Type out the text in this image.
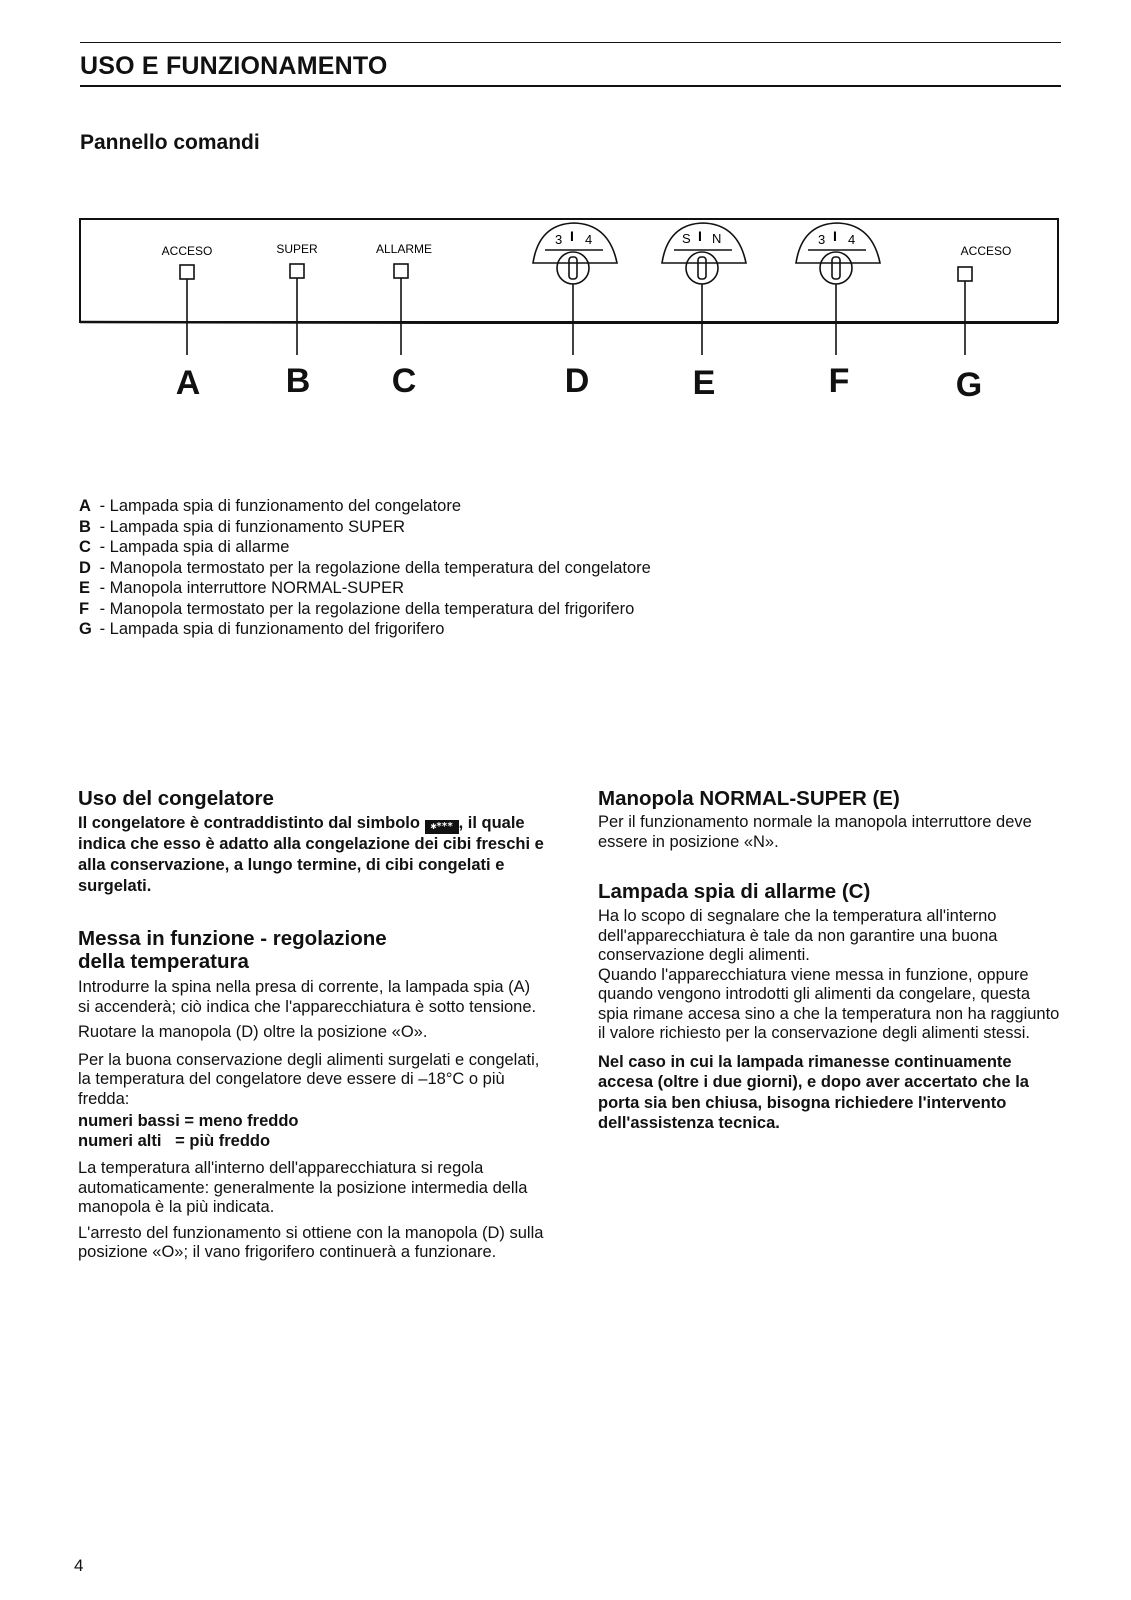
USO E FUNZIONAMENTO
Pannello comandi
ACCESO	SUPER	ALLARME	ACCESO
3 I 4	S I N	3 I 4
A	B C	D	E	F	G
A - Lampada spia di funzionamento del congelatore
B - Lampada spia di funzionamento SUPER
C - Lampada spia di allarme
D - Manopola termostato per la regolazione della temperatura del congelatore
E - Manopola interruttore NORMAL-SUPER
F - Manopola termostato per la regolazione della temperatura del frigorifero
G - Lampada spia di funzionamento del frigorifero
Uso del congelatore

Il congelatore è contraddistinto dal simbolo ✱*** , il quale indica che esso è adatto alla congelazione dei cibi freschi e alla conservazione, a lungo termine, di cibi congelati e surgelati.

Messa in funzione - regolazione
della temperatura

Introdurre la spina nella presa di corrente, la lampada spia (A) si accenderà; ciò indica che l'apparecchiatura è sotto tensione.

Ruotare la manopola (D) oltre la posizione «O».

Per la buona conservazione degli alimenti surgelati e congelati, la temperatura del congelatore deve essere di –18°C o più fredda:

numeri bassi = meno freddo

numeri alti   = più freddo

La temperatura all'interno dell'apparecchiatura si regola automaticamente: generalmente la posizione intermedia della manopola è la più indicata.

L'arresto del funzionamento si ottiene con la manopola (D) sulla posizione «O»; il vano frigorifero continuerà a funzionare.

Manopola NORMAL-SUPER (E)

Per il funzionamento normale la manopola interruttore deve essere in posizione «N».

Lampada spia di allarme (C)

Ha lo scopo di segnalare che la temperatura all'interno dell'apparecchiatura è tale da non garantire una buona conservazione degli alimenti.

Quando l'apparecchiatura viene messa in funzione, oppure quando vengono introdotti gli alimenti da congelare, questa spia rimane accesa sino a che la temperatura non ha raggiunto il valore richiesto per la conservazione degli alimenti stessi.

Nel caso in cui la lampada rimanesse continuamente accesa (oltre i due giorni), e dopo aver accertato che la porta sia ben chiusa, bisogna richiedere l'intervento dell'assistenza tecnica.

4
